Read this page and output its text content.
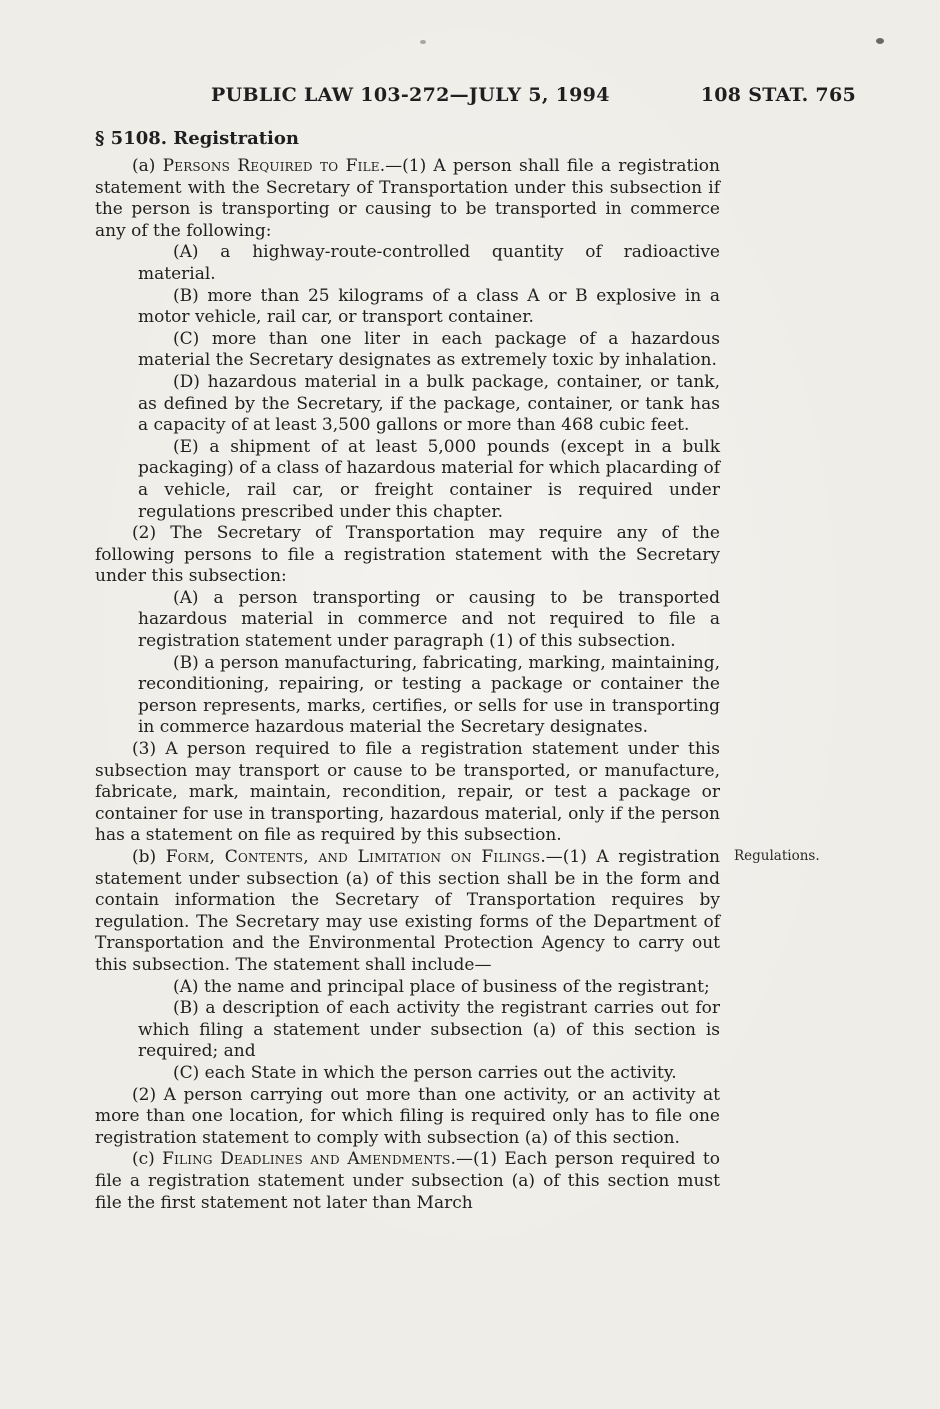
PUBLIC LAW 103-272—JULY 5, 1994	108 STAT. 765
§ 5108. Registration

(a) Persons Required to File.—(1) A person shall file a registration statement with the Secretary of Transportation under this subsection if the person is transporting or causing to be transported in commerce any of the following:

(A) a highway-route-controlled quantity of radioactive material.

(B) more than 25 kilograms of a class A or B explosive in a motor vehicle, rail car, or transport container.

(C) more than one liter in each package of a hazardous material the Secretary designates as extremely toxic by inhalation.

(D) hazardous material in a bulk package, container, or tank, as defined by the Secretary, if the package, container, or tank has a capacity of at least 3,500 gallons or more than 468 cubic feet.

(E) a shipment of at least 5,000 pounds (except in a bulk packaging) of a class of hazardous material for which placarding of a vehicle, rail car, or freight container is required under regulations prescribed under this chapter.

(2) The Secretary of Transportation may require any of the following persons to file a registration statement with the Secretary under this subsection:

(A) a person transporting or causing to be transported hazardous material in commerce and not required to file a registration statement under paragraph (1) of this subsection.

(B) a person manufacturing, fabricating, marking, maintaining, reconditioning, repairing, or testing a package or container the person represents, marks, certifies, or sells for use in transporting in commerce hazardous material the Secretary designates.

(3) A person required to file a registration statement under this subsection may transport or cause to be transported, or manufacture, fabricate, mark, maintain, recondition, repair, or test a package or container for use in transporting, hazardous material, only if the person has a statement on file as required by this subsection.

(b) Form, Contents, and Limitation on Filings.—(1) A registration statement under subsection (a) of this section shall be in the form and contain information the Secretary of Transportation requires by regulation. The Secretary may use existing forms of the Department of Transportation and the Environmental Protection Agency to carry out this subsection. The statement shall include—
Regulations.

(A) the name and principal place of business of the registrant;

(B) a description of each activity the registrant carries out for which filing a statement under subsection (a) of this section is required; and

(C) each State in which the person carries out the activity.

(2) A person carrying out more than one activity, or an activity at more than one location, for which filing is required only has to file one registration statement to comply with subsection (a) of this section.

(c) Filing Deadlines and Amendments.—(1) Each person required to file a registration statement under subsection (a) of this section must file the first statement not later than March
